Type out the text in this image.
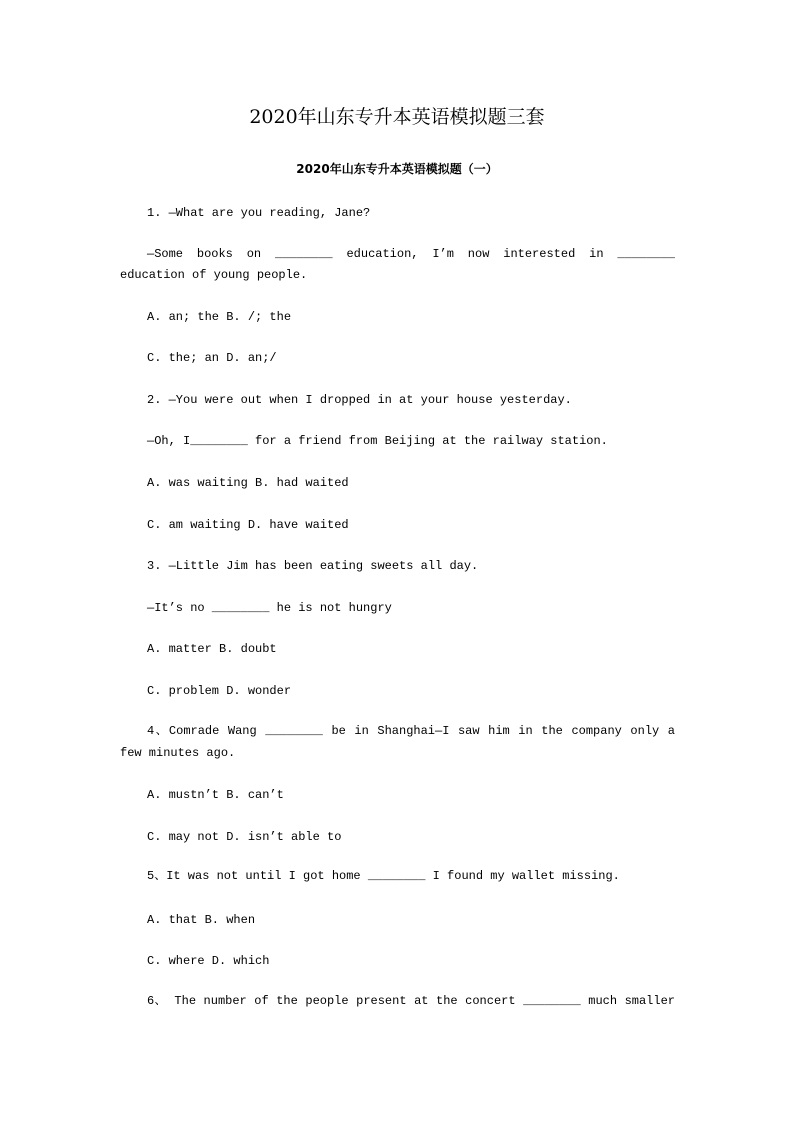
2020年山东专升本英语模拟题三套
2020年山东专升本英语模拟题（一）
1. —What are you reading, Jane?
—Some books on ________ education, I’m now interested in ________
education of young people.
A. an; the B. /; the
C. the; an D. an;/
2. —You were out when I dropped in at your house yesterday.
—Oh, I________ for a friend from Beijing at the railway station.
A. was waiting B. had waited
C. am waiting D. have waited
3. —Little Jim has been eating sweets all day.
—It’s no ________ he is not hungry
A. matter B. doubt
C. problem D. wonder
4、Comrade Wang ________ be in Shanghai—I saw him in the company only a
few minutes ago.
A. mustn’t B. can’t
C. may not D. isn’t able to
5、It was not until I got home ________ I found my wallet missing.
A. that B. when
C. where D. which
6、 The number of the people present at the concert ________ much smaller
